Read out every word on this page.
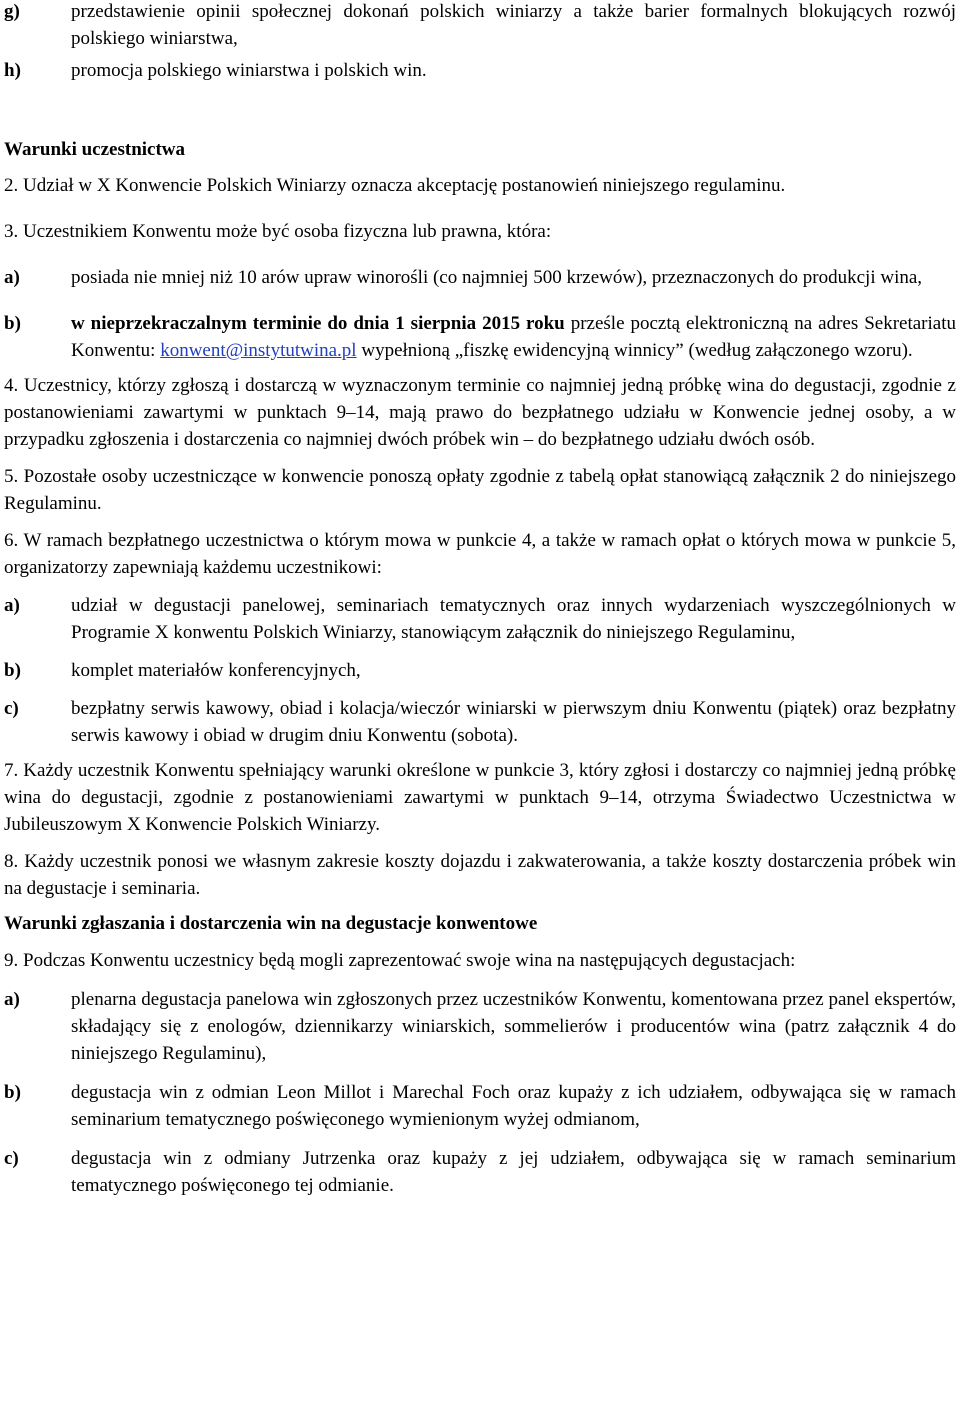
g)	przedstawienie opinii społecznej dokonań polskich winiarzy a także barier formalnych blokujących rozwój polskiego winiarstwa,
h)	promocja polskiego winiarstwa i polskich win.
Warunki uczestnictwa
2. Udział w X Konwencie Polskich Winiarzy oznacza akceptację postanowień niniejszego regulaminu.
3. Uczestnikiem Konwentu może być osoba fizyczna lub prawna, która:
a)	posiada nie mniej niż 10 arów upraw winorośli (co najmniej 500 krzewów), przeznaczonych do produkcji wina,
b)	w nieprzekraczalnym terminie do dnia 1 sierpnia 2015 roku prześle pocztą elektroniczną na adres Sekretariatu Konwentu: konwent@instytutwina.pl wypełnioną „fiszkę ewidencyjną winnicy” (według załączonego wzoru).
4. Uczestnicy, którzy zgłoszą i dostarczą w wyznaczonym terminie co najmniej jedną próbkę wina do degustacji, zgodnie z postanowieniami zawartymi w punktach 9–14, mają prawo do bezpłatnego udziału w Konwencie jednej osoby, a w przypadku zgłoszenia i dostarczenia co najmniej dwóch próbek win – do bezpłatnego udziału dwóch osób.
5. Pozostałe osoby uczestniczące w konwencie ponoszą opłaty zgodnie z tabelą opłat stanowiącą załącznik 2 do niniejszego Regulaminu.
6. W ramach bezpłatnego uczestnictwa o którym mowa w punkcie 4, a także w ramach opłat o których mowa w punkcie 5, organizatorzy zapewniają każdemu uczestnikowi:
a)	udział w degustacji panelowej, seminariach tematycznych oraz innych wydarzeniach wyszczególnionych w Programie X konwentu Polskich Winiarzy, stanowiącym załącznik do niniejszego Regulaminu,
b)	komplet materiałów konferencyjnych,
c)	bezpłatny serwis kawowy, obiad i kolacja/wieczór winiarski w pierwszym dniu Konwentu (piątek) oraz bezpłatny serwis kawowy i obiad w drugim dniu Konwentu (sobota).
7. Każdy uczestnik Konwentu spełniający warunki określone w punkcie 3, który zgłosi i dostarczy co najmniej jedną próbkę wina do degustacji, zgodnie z postanowieniami zawartymi w punktach 9–14, otrzyma Świadectwo Uczestnictwa w Jubileuszowym X Konwencie Polskich Winiarzy.
8. Każdy uczestnik ponosi we własnym zakresie koszty dojazdu i zakwaterowania, a także koszty dostarczenia próbek win na degustacje i seminaria.
Warunki zgłaszania i dostarczenia win na degustacje konwentowe
9. Podczas Konwentu uczestnicy będą mogli zaprezentować swoje wina na następujących degustacjach:
a)	plenarna degustacja panelowa win zgłoszonych przez uczestników Konwentu, komentowana przez panel ekspertów, składający się z enologów, dziennikarzy winiarskich, sommelierów i producentów wina (patrz załącznik 4 do niniejszego Regulaminu),
b)	degustacja win z odmian Leon Millot i Marechal Foch oraz kupaży z ich udziałem, odbywająca się w ramach seminarium tematycznego poświęconego wymienionym wyżej odmianom,
c)	degustacja win z odmiany Jutrzenka oraz kupaży z jej udziałem, odbywająca się w ramach seminarium tematycznego poświęconego tej odmianie.
